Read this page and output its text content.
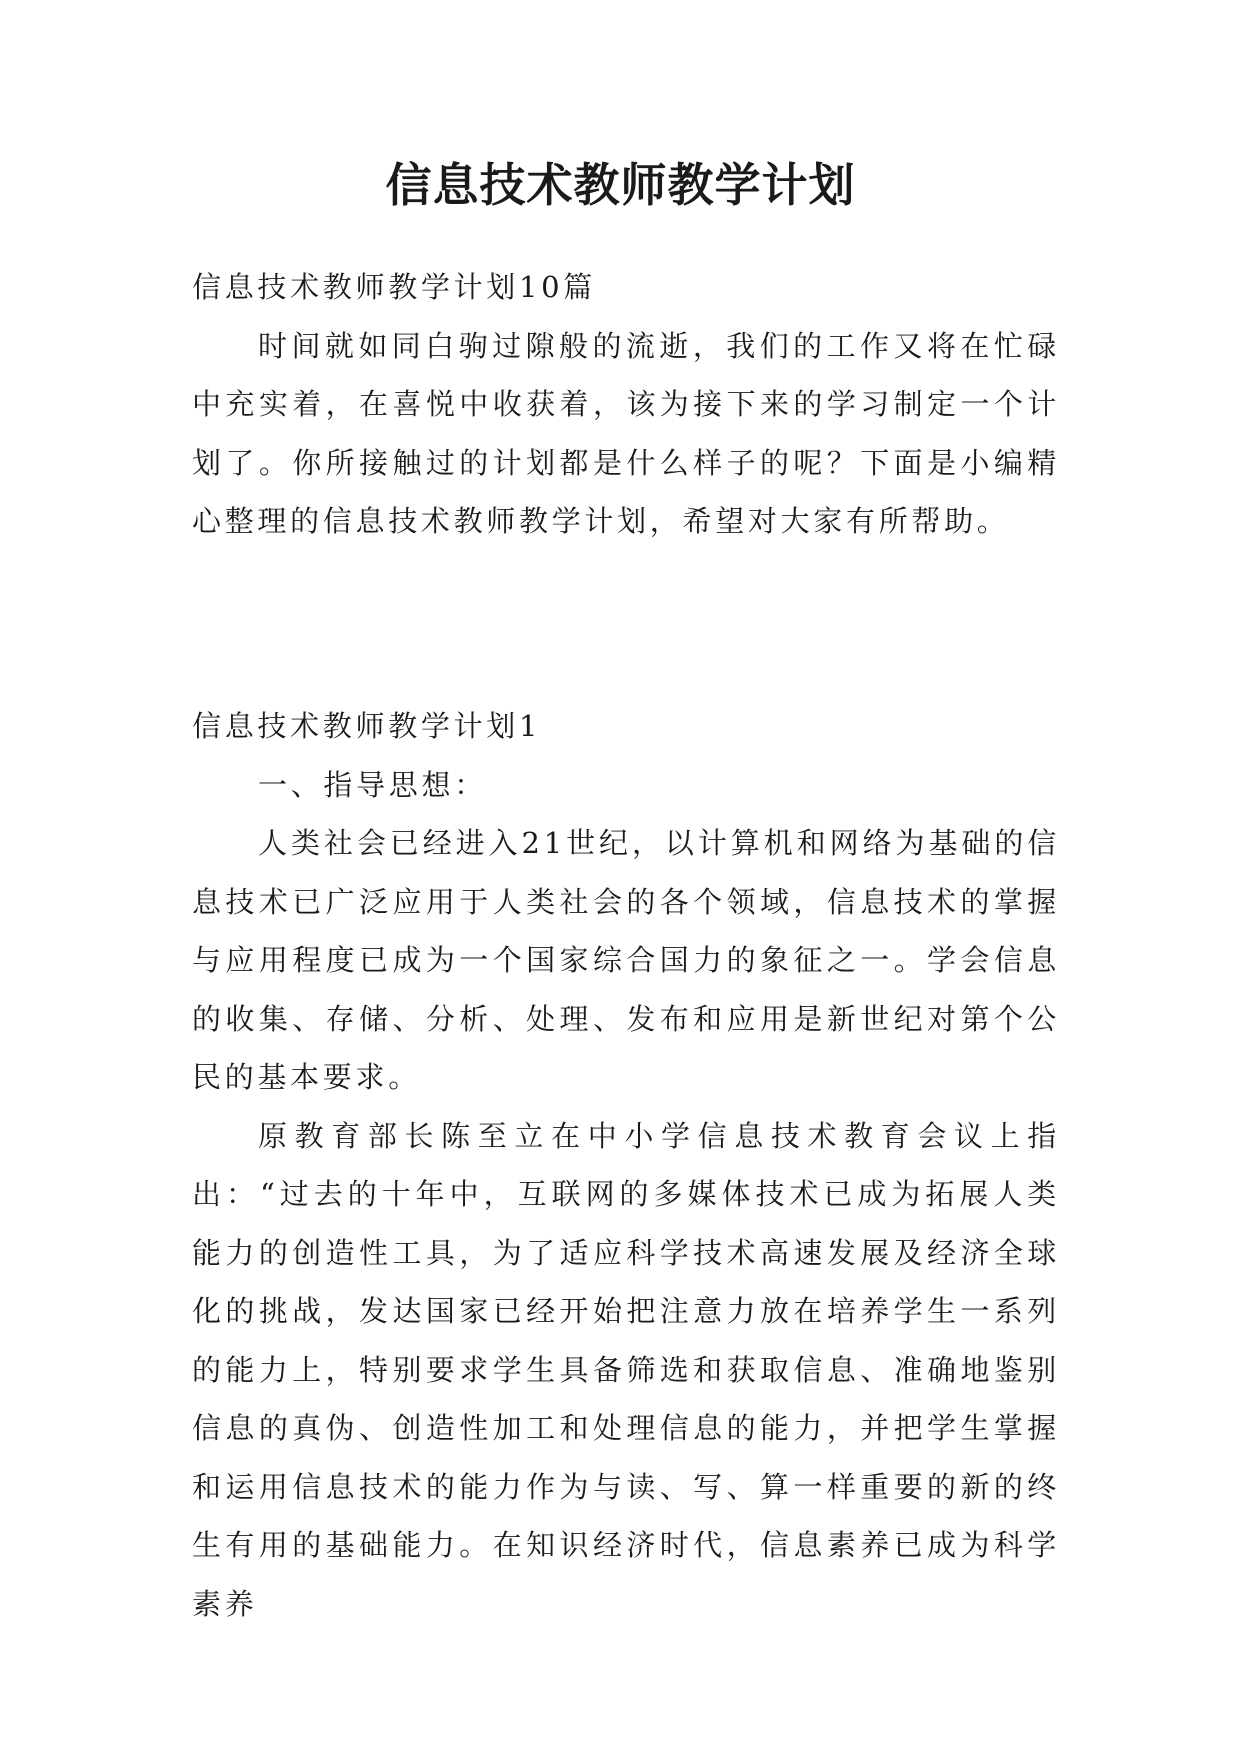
信息技术教师教学计划

信息技术教师教学计划10篇

时间就如同白驹过隙般的流逝，我们的工作又将在忙碌中充实着，在喜悦中收获着，该为接下来的学习制定一个计划了。你所接触过的计划都是什么样子的呢？下面是小编精心整理的信息技术教师教学计划，希望对大家有所帮助。

信息技术教师教学计划1

一、指导思想：

人类社会已经进入21世纪，以计算机和网络为基础的信息技术已广泛应用于人类社会的各个领域，信息技术的掌握与应用程度已成为一个国家综合国力的象征之一。学会信息的收集、存储、分析、处理、发布和应用是新世纪对第个公民的基本要求。

原教育部长陈至立在中小学信息技术教育会议上指出：“过去的十年中，互联网的多媒体技术已成为拓展人类能力的创造性工具，为了适应科学技术高速发展及经济全球化的挑战，发达国家已经开始把注意力放在培养学生一系列的能力上，特别要求学生具备筛选和获取信息、准确地鉴别信息的真伪、创造性加工和处理信息的能力，并把学生掌握和运用信息技术的能力作为与读、写、算一样重要的新的终生有用的基础能力。在知识经济时代，信息素养已成为科学素养
